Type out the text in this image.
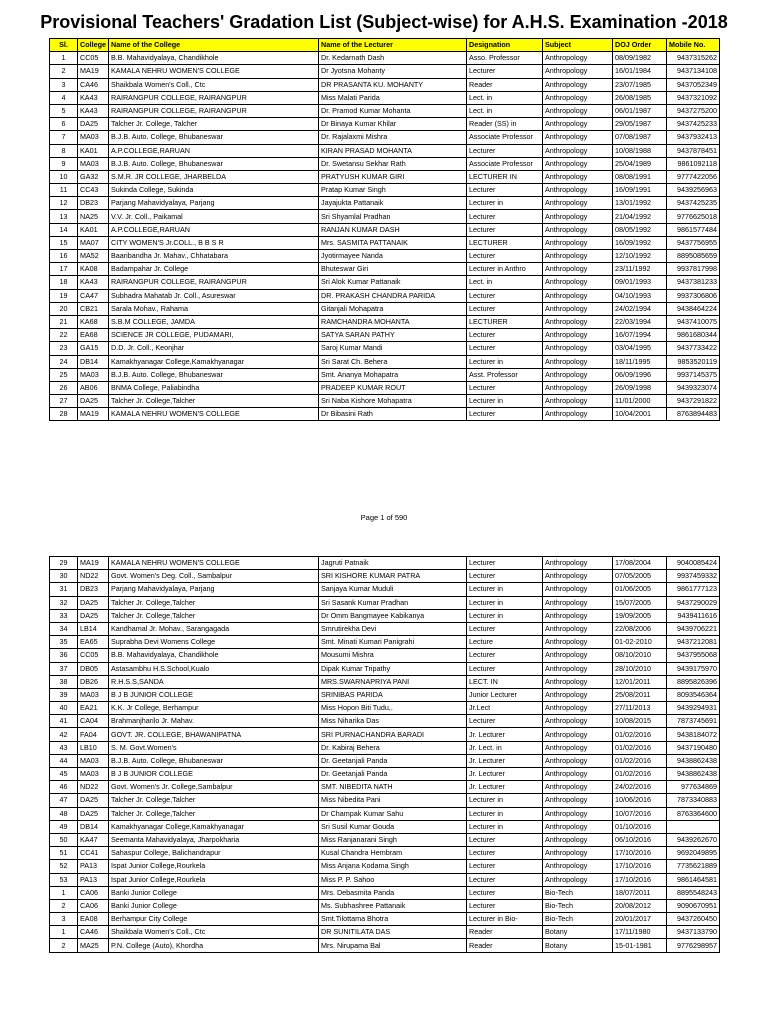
Provisional Teachers' Gradation List (Subject-wise) for A.H.S. Examination -2018
Sl.	College	Name of the College	Name of the Lecturer	Designation	Subject	DOJ Order	Mobile No.
1	CC05	B.B. Mahavidyalaya, Chandikhole	Dr. Kedarnath Dash	Asso. Professor	Anthropology	08/09/1982	9437315262
2	MA19	KAMALA NEHRU WOMEN'S COLLEGE	Dr Jyotsna Mohanty	Lecturer	Anthropology	16/01/1984	9437134108
3	CA46	Shaikbala Women's Coll., Ctc	DR PRASANTA KU. MOHANTY	Reader	Anthropology	23/07/1985	9437052349
4	KA43	RAIRANGPUR COLLEGE, RAIRANGPUR	Miss Malati Parida	Lect. in	Anthropology	26/08/1985	9437321092
5	KA43	RAIRANGPUR COLLEGE, RAIRANGPUR	Dr. Pramod Kumar Mohanta	Lect. in	Anthropology	06/01/1987	9437275200
6	DA25	Talcher Jr. College, Talcher	Dr Binaya Kumar Khilar	Reader (SS) in	Anthropology	29/05/1987	9437425233
7	MA03	B.J.B. Auto. College, Bhubaneswar	Dr. Rajalaxmi Mishra	Associate Professor	Anthropology	07/08/1987	9437932413
8	KA01	A.P.COLLEGE,RARUAN	KIRAN PRASAD MOHANTA	Lecturer	Anthropology	10/08/1988	9437878451
9	MA03	B.J.B. Auto. College, Bhubaneswar	Dr. Swetansu Sekhar Rath	Associate Professor	Anthropology	25/04/1989	9861092118
10	GA32	S.M.R. JR COLLEGE, JHARBELDA	PRATYUSH KUMAR GIRI	LECTURER IN	Anthropology	08/08/1991	9777422056
11	CC43	Sukinda College, Sukinda	Pratap Kumar Singh	Lecturer	Anthropology	16/09/1991	9439256963
12	DB23	Parjang Mahavidyalaya, Parjang	Jayajukta Pattanaik	Lecturer in	Anthropology	13/01/1992	9437425235
13	NA25	V.V. Jr. Coll., Paikamal	Sri Shyamlal Pradhan	Lecturer	Anthropology	21/04/1992	9776625018
14	KA01	A.P.COLLEGE,RARUAN	RANJAN KUMAR DASH	Lecturer	Anthropology	08/05/1992	9861577484
15	MA07	CITY WOMEN'S Jr.COLL., B B S R	Mrs. SASMITA PATTANAIK	LECTURER	Anthropology	16/09/1992	9437756955
16	MA52	Baaribandha Jr. Mahav., Chhatabara	Jyotirmayee Nanda	Lecturer	Anthropology	12/10/1992	8895085659
17	KA08	Badampahar Jr. College	Bhuteswar Giri	Lecturer in Anthro	Anthropology	23/11/1992	9937817998
18	KA43	RAIRANGPUR COLLEGE, RAIRANGPUR	Sri Alok Kumar Pattanaik	Lect. in	Anthropology	09/01/1993	9437381233
19	CA47	Subhadra Mahatab Jr. Coll., Asureswar	DR. PRAKASH CHANDRA PARIDA	Lecturer	Anthropology	04/10/1993	9937306806
20	CB21	Sarala Mohav., Rahama	Gitanjali Mohapatra	Lecturer	Anthropology	24/02/1994	9438464224
21	KA68	S.B.M COLLEGE, JAMDA	RAMCHANDRA MOHANTA	LECTURER	Anthropology	22/03/1994	9437410075
22	EA68	SCIENCE JR COLLEGE, PUDAMARI,	SATYA SARAN PATHY	Lecturer	Anthropology	16/07/1994	9861680344
23	GA15	D.D. Jr. Coll., Keonjhar	Saroj Kumar Mandi	Lecturer	Anthropology	03/04/1995	9437733422
24	DB14	Kamakhyanagar College,Kamakhyanagar	Sri Sarat Ch. Behera	Lecturer in	Anthropology	18/11/1995	9853520119
25	MA03	B.J.B. Auto. College, Bhubaneswar	Smt. Ananya Mohapatra	Asst. Professor	Anthropology	06/09/1996	9937145375
26	AB06	BNMA College, Paliabindha	PRADEEP KUMAR ROUT	Lecturer	Anthropology	26/09/1998	9439323074
27	DA25	Talcher Jr. College,Talcher	Sri Naba Kishore Mohapatra	Lecturer in	Anthropology	11/01/2000	9437291822
28	MA19	KAMALA NEHRU WOMEN'S COLLEGE	Dr Bibasini Rath	Lecturer	Anthropology	10/04/2001	8763894483
Page 1 of 590
29	MA19	KAMALA NEHRU WOMEN'S COLLEGE	Jagruti Patnaik	Lecturer	Anthropology	17/08/2004	9040085424
30	ND22	Govt. Women's Deg. Coll., Sambalpur	SRI KISHORE KUMAR PATRA	Lecturer	Anthropology	07/05/2005	9937459332
31	DB23	Parjang Mahavidyalaya, Parjang	Sanjaya Kumar Muduli	Lecturer in	Anthropology	01/06/2005	9861777123
32	DA25	Talcher Jr. College,Talcher	Sri Sasank Kumar Pradhan	Lecturer in	Anthropology	15/07/2005	9437290029
33	DA25	Talcher Jr. College,Talcher	Dr Omm Bangmayee Kabikanya	Lecturer in	Anthropology	19/09/2005	9439411616
34	LB14	Kandhamal Jr. Mohav., Sarangagada	Smrutirekha Devi	Lecturer	Anthropology	22/08/2006	9439706221
35	EA65	Suprabha Devi Womens College	Smt. Minati Kumari Panigrahi	Lecture	Anthropology	01-02-2010	9437212081
36	CC05	B.B. Mahavidyalaya, Chandikhole	Mousumi Mishra	Lecturer	Anthropology	08/10/2010	9437955068
37	DB05	Astasambhu H.S.School,Kualo	Dipak Kumar Tripathy	Lecturer	Anthropology	28/10/2010	9439175970
38	DB26	R.H.S.S,SANDA	MRS.SWARNAPRIYA PANI	LECT. IN	Anthropology	12/01/2011	8895826396
39	MA03	B J B JUNIOR COLLEGE	SRINIBAS PARIDA	Junior Lecturer	Anthropology	25/08/2011	8093546364
40	EA21	K.K. Jr College, Berhampur	Miss Hopon Biti Tudu,.	Jr.Lect	Anthropology	27/11/2013	9439294931
41	CA04	Brahmanjharilo Jr. Mahav.	Miss Niharika Das	Lecturer	Anthropology	10/08/2015	7873745691
42	FA04	GOVT. JR. COLLEGE, BHAWANIPATNA	SRI PURNACHANDRA BARADI	Jr. Lecturer	Anthropology	01/02/2016	9438184072
43	LB10	S. M. Govt.Women's	Dr. Kabiraj Behera	Jr. Lect. in	Anthropology	01/02/2016	9437190480
44	MA03	B.J.B. Auto. College, Bhubaneswar	Dr. Geetanjali Panda	Jr. Lecturer	Anthropology	01/02/2016	9438862438
45	MA03	B J B JUNIOR COLLEGE	Dr. Geetanjali Panda	Jr. Lecturer	Anthropology	01/02/2016	9438862438
46	ND22	Govt. Women's Jr. College,Sambalpur	SMT. NIBEDITA NATH	Jr. Lecturer	Anthropology	24/02/2016	977634869
47	DA25	Talcher Jr. College,Talcher	Miss Nibedita Pani	Lecturer in	Anthropology	10/06/2016	7873340883
48	DA25	Talcher Jr. College,Talcher	Dr Champak Kumar Sahu	Lecturer in	Anthropology	10/07/2016	8763364600
49	DB14	Kamakhyanagar College,Kamakhyanagar	Sri Susil Kumar Gouda	Lecturer in	Anthropology	01/10/2016	
50	KA47	Seemanta Mahavidyalaya, Jharpokharia	Miss Ranjanarani Singh	Lecturer	Anthropology	06/10/2016	9439262670
51	CC41	Sahaspur College, Balichandrapur	Kusal Chandra Hembram	Lecturer	Anthropology	17/10/2016	9692049895
52	PA13	Ispat Junior College,Rourkela	Miss Anjana Kodama Singh	Lecturer	Anthropology	17/10/2016	7735621889
53	PA13	Ispat Junior College,Rourkela	Miss P. P. Sahoo	Lecturer	Anthropology	17/10/2016	9861464581
1	CA06	Banki Junior College	Mrs. Debasmita Panda	Lecturer	Bio-Tech	18/07/2011	8895548243
2	CA06	Banki Junior College	Ms. Subhashree Pattanaik	Lecturer	Bio-Tech	20/08/2012	9090670951
3	EA08	Berhampur City College	Smt.Tilottama Bhotra	Lecturer in Bio-	Bio-Tech	20/01/2017	9437260450
1	CA46	Shaikbala Women's Coll., Ctc	DR SUNITILATA DAS	Reader	Botany	17/11/1980	9437133790
2	MA25	P.N. College (Auto), Khordha	Mrs. Nirupama Bal	Reader	Botany	15-01-1981	9776298957
